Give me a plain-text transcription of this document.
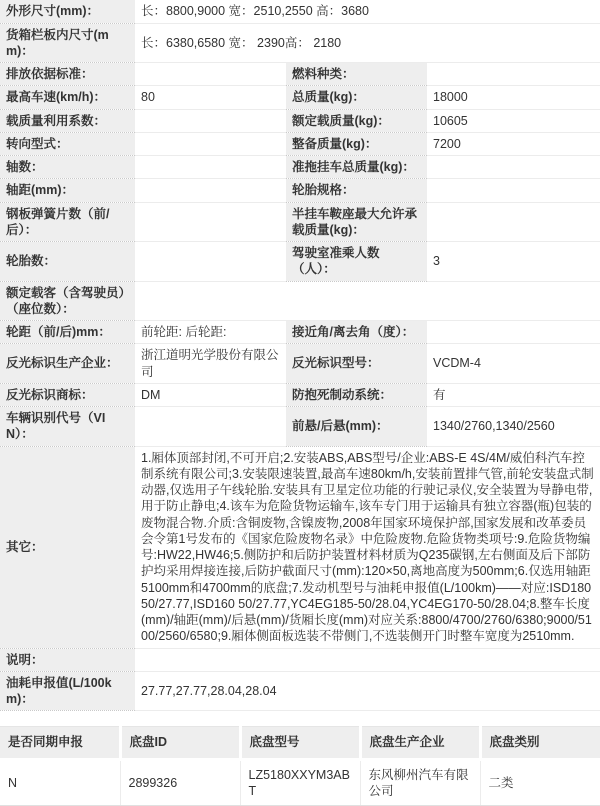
外形尺寸(mm)：	长：8800,9000 宽：2510,2550 高：3680		
货箱栏板内尺寸(mm)：	长：6380,6580 宽： 2390高： 2180		
排放依据标准：		燃料种类：	
最高车速(km/h)：	80	总质量(kg)：	18000
载质量利用系数：		额定载质量(kg)：	10605
转向型式：		整备质量(kg)：	7200
轴数：		准拖挂车总质量(kg)：	
轴距(mm)：		轮胎规格：	
钢板弹簧片数（前/后）：		半挂车鞍座最大允许承载质量(kg)：	
轮胎数：		驾驶室准乘人数（人）：	3
额定载客（含驾驶员）（座位数）：			
轮距（前/后)mm：	前轮距: 后轮距:	接近角/离去角（度）：	
反光标识生产企业：	浙江道明光学股份有限公司	反光标识型号：	VCDM-4
反光标识商标：	DM	防抱死制动系统：	有
车辆识别代号（VIN）：		前悬/后悬(mm)：	1340/2760,1340/2560
其它：	1.厢体顶部封闭,不可开启;2.安装ABS,ABS型号/企业:ABS-E 4S/4M/威伯科汽车控制系统有限公司;3.安装限速装置,最高车速80km/h,安装前置排气管,前轮安装盘式制动器,仅选用子午线轮胎.安装具有卫星定位功能的行驶记录仪,安全装置为导静电带,用于防止静电;4.该车为危险货物运输车,该车专门用于运输具有独立容器(瓶)包装的废物混合物.介质:含铜废物,含镍废物,2008年国家环境保护部,国家发展和改革委员会令第1号发布的《国家危险废物名录》中危险废物.危险货物类项号:9.危险货物编号:HW22,HW46;5.侧防护和后防护装置材料材质为Q235碳钢,左右侧面及后下部防护均采用焊接连接,后防护截面尺寸(mm):120×50,离地高度为500mm;6.仅选用轴距5100mm和4700mm的底盘;7.发动机型号与油耗申报值(L/100km)——对应:ISD180 50/27.77,ISD160 50/27.77,YC4EG185-50/28.04,YC4EG170-50/28.04;8.整车长度(mm)/轴距(mm)/后悬(mm)/货厢长度(mm)对应关系:8800/4700/2760/6380;9000/5100/2560/6580;9.厢体侧面板选装不带侧门,不选装侧开门时整车宽度为2510mm.		
说明：			
油耗申报值(L/100km)：	27.77,27.77,28.04,28.04		
是否同期申报	底盘ID	底盘型号	底盘生产企业	底盘类别
N	2899326	LZ5180XXYM3ABT	东风柳州汽车有限公司	二类
